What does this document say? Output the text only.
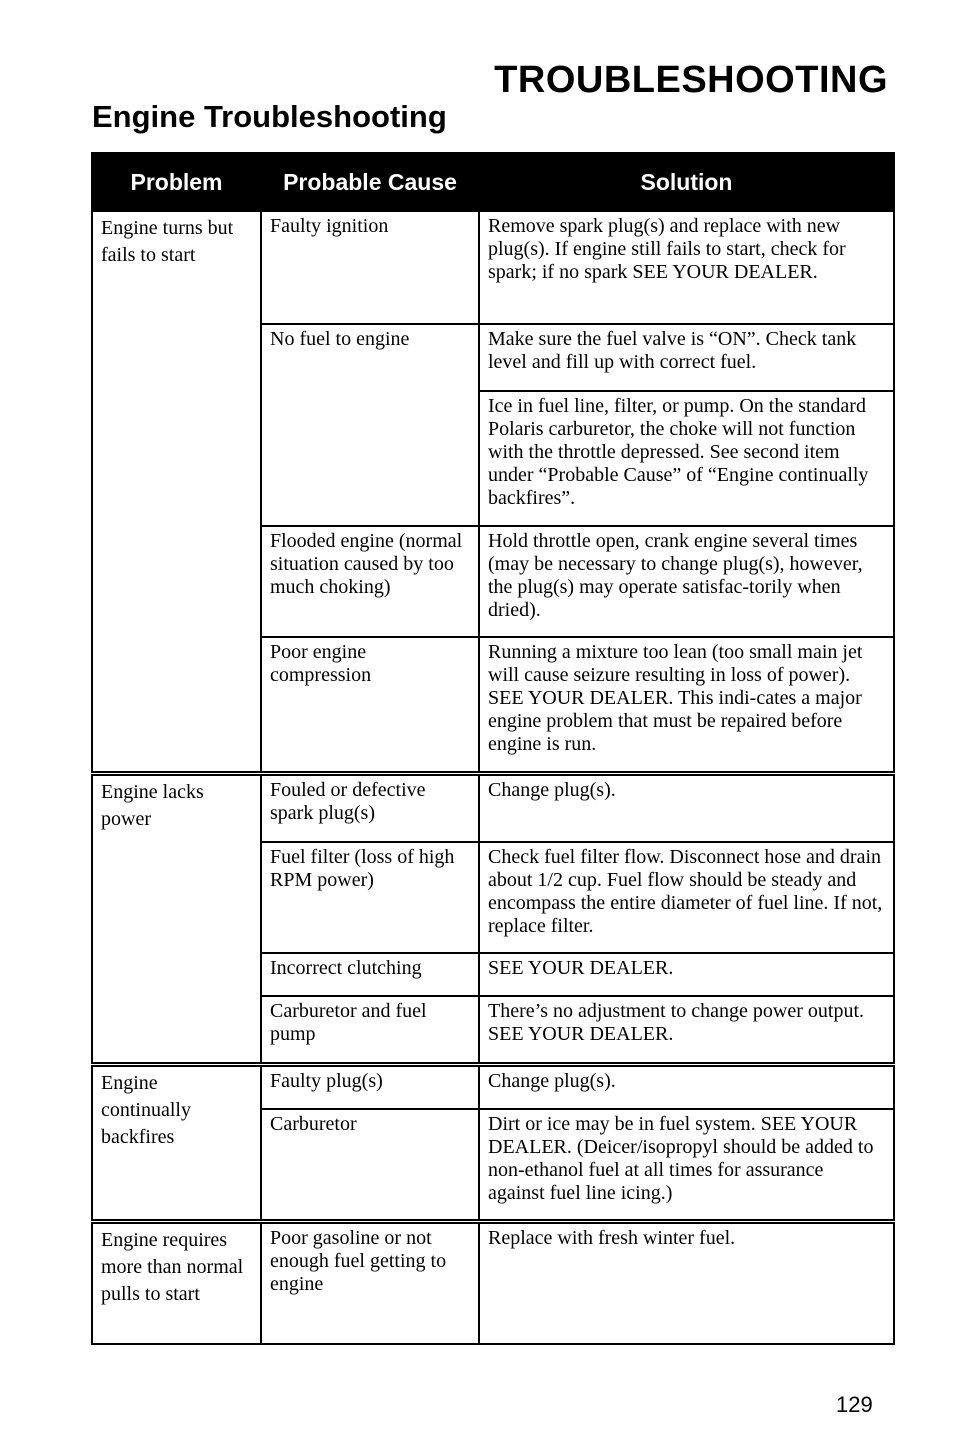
TROUBLESHOOTING
Engine Troubleshooting
Problem	Probable Cause	Solution
Engine turns but fails to start	Faulty ignition	Remove spark plug(s) and replace with new plug(s). If engine still fails to start, check for spark; if no spark SEE YOUR DEALER.
	No fuel to engine	Make sure the fuel valve is “ON”. Check tank level and fill up with correct fuel.
		Ice in fuel line, filter, or pump. On the standard Polaris carburetor, the choke will not function with the throttle depressed. See second item under “Probable Cause” of “Engine continually backfires”.
	Flooded engine (normal situation caused by too much choking)	Hold throttle open, crank engine several times (may be necessary to change plug(s), however, the plug(s) may operate satisfac-torily when dried).
	Poor engine compression	Running a mixture too lean (too small main jet will cause seizure resulting in loss of power). SEE YOUR DEALER. This indi-cates a major engine problem that must be repaired before engine is run.
Engine lacks power	Fouled or defective spark plug(s)	Change plug(s).
	Fuel filter (loss of high RPM power)	Check fuel filter flow. Disconnect hose and drain about 1/2 cup. Fuel flow should be steady and encompass the entire diameter of fuel line. If not, replace filter.
	Incorrect clutching	SEE YOUR DEALER.
	Carburetor and fuel pump	There’s no adjustment to change power output. SEE YOUR DEALER.
Engine continually backfires	Faulty plug(s)	Change plug(s).
	Carburetor	Dirt or ice may be in fuel system. SEE YOUR DEALER. (Deicer/isopropyl should be added to non-ethanol fuel at all times for assurance against fuel line icing.)
Engine requires more than normal pulls to start	Poor gasoline or not enough fuel getting to engine	Replace with fresh winter fuel.
129
